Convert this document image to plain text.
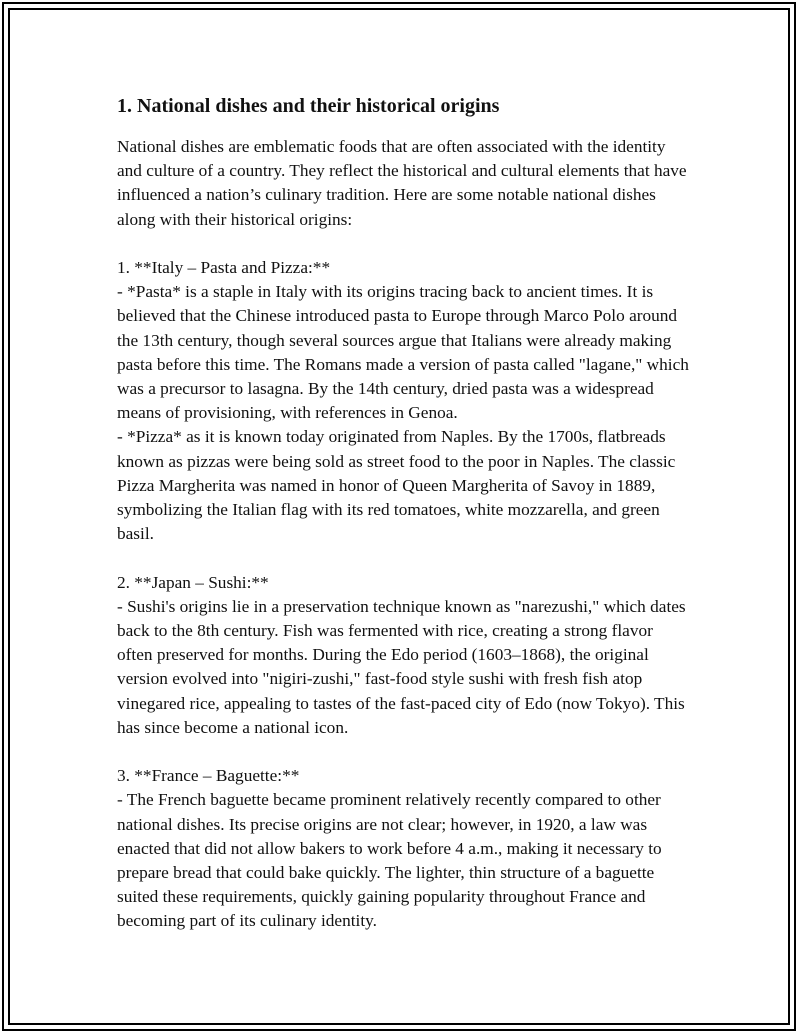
1. National dishes and their historical origins

National dishes are emblematic foods that are often associated with the identity and culture of a country. They reflect the historical and cultural elements that have influenced a nation’s culinary tradition. Here are some notable national dishes along with their historical origins:

1. **Italy – Pasta and Pizza:**

- *Pasta* is a staple in Italy with its origins tracing back to ancient times. It is believed that the Chinese introduced pasta to Europe through Marco Polo around the 13th century, though several sources argue that Italians were already making pasta before this time. The Romans made a version of pasta called "lagane," which was a precursor to lasagna. By the 14th century, dried pasta was a widespread means of provisioning, with references in Genoa.

- *Pizza* as it is known today originated from Naples. By the 1700s, flatbreads known as pizzas were being sold as street food to the poor in Naples. The classic Pizza Margherita was named in honor of Queen Margherita of Savoy in 1889, symbolizing the Italian flag with its red tomatoes, white mozzarella, and green basil.

2. **Japan – Sushi:**

- Sushi's origins lie in a preservation technique known as "narezushi," which dates back to the 8th century. Fish was fermented with rice, creating a strong flavor often preserved for months. During the Edo period (1603–1868), the original version evolved into "nigiri-zushi," fast-food style sushi with fresh fish atop vinegared rice, appealing to tastes of the fast-paced city of Edo (now Tokyo). This has since become a national icon.

3. **France – Baguette:**

- The French baguette became prominent relatively recently compared to other national dishes. Its precise origins are not clear; however, in 1920, a law was enacted that did not allow bakers to work before 4 a.m., making it necessary to prepare bread that could bake quickly. The lighter, thin structure of a baguette suited these requirements, quickly gaining popularity throughout France and becoming part of its culinary identity.
